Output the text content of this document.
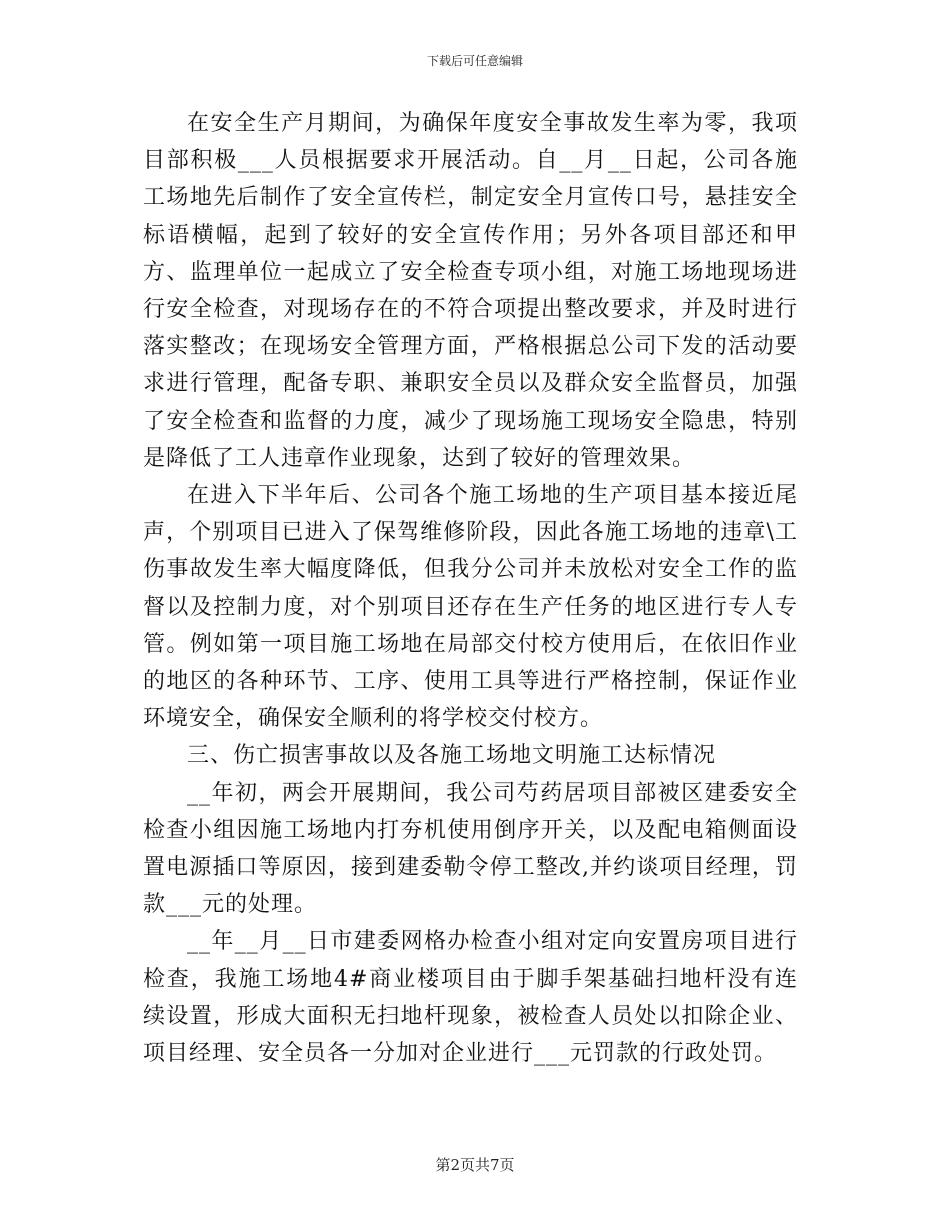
下载后可任意编辑

在安全生产月期间，为确保年度安全事故发生率为零，我项目部积极___人员根据要求开展活动。自__月__日起，公司各施工场地先后制作了安全宣传栏，制定安全月宣传口号，悬挂安全标语横幅，起到了较好的安全宣传作用；另外各项目部还和甲方、监理单位一起成立了安全检查专项小组，对施工场地现场进行安全检查，对现场存在的不符合项提出整改要求，并及时进行落实整改；在现场安全管理方面，严格根据总公司下发的活动要求进行管理，配备专职、兼职安全员以及群众安全监督员，加强了安全检查和监督的力度，减少了现场施工现场安全隐患，特别是降低了工人违章作业现象，达到了较好的管理效果。

在进入下半年后、公司各个施工场地的生产项目基本接近尾声，个别项目已进入了保驾维修阶段，因此各施工场地的违章\工伤事故发生率大幅度降低，但我分公司并未放松对安全工作的监督以及控制力度，对个别项目还存在生产任务的地区进行专人专管。例如第一项目施工场地在局部交付校方使用后，在依旧作业的地区的各种环节、工序、使用工具等进行严格控制，保证作业环境安全，确保安全顺利的将学校交付校方。

三、伤亡损害事故以及各施工场地文明施工达标情况

__年初，两会开展期间，我公司芍药居项目部被区建委安全检查小组因施工场地内打夯机使用倒序开关，以及配电箱侧面设置电源插口等原因，接到建委勒令停工整改,并约谈项目经理，罚款___元的处理。

__年__月__日市建委网格办检查小组对定向安置房项目进行检查，我施工场地4#商业楼项目由于脚手架基础扫地杆没有连续设置，形成大面积无扫地杆现象，被检查人员处以扣除企业、项目经理、安全员各一分加对企业进行___元罚款的行政处罚。

第2页共7页
